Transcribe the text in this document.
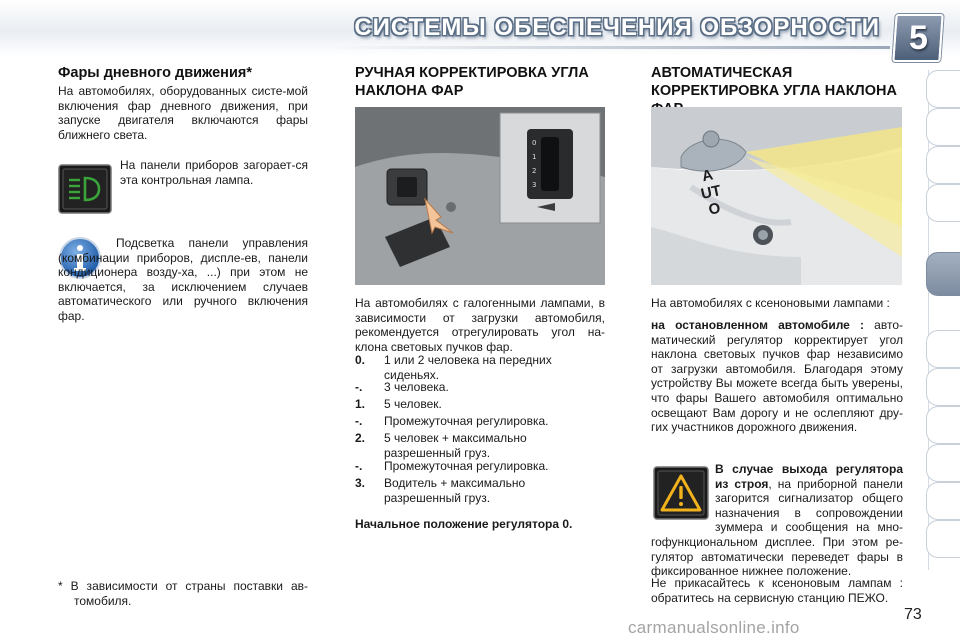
СИСТЕМЫ ОБЕСПЕЧЕНИЯ ОБЗОРНОСТИ 5
Фары дневного движения*

На автомобилях, оборудованных систе-мой включения фар дневного движения, при запуске двигателя включаются фары ближнего света.

На панели приборов загорает-ся эта контрольная лампа.

Подсветка панели управления (комбинации приборов, диспле-ев, панели кондиционера возду-ха, ...) при этом не включается, за исключением случаев автоматического или ручного включения фар.

* В зависимости от страны поставки ав-томобиля.

РУЧНАЯ КОРРЕКТИРОВКА УГЛА НАКЛОНА ФАР
0
1
2
3

На автомобилях с галогенными лампами, в зависимости от загрузки автомобиля, рекомендуется отрегулировать угол на-клона световых пучков фар.

0. 1 или 2 человека на передних сиденьях.
-. 3 человека.
1. 5 человек.
-. Промежуточная регулировка.
2. 5 человек + максимально разрешенный груз.
-. Промежуточная регулировка.
3. Водитель + максимально разрешенный груз.

Начальное положение регулятора 0.

АВТОМАТИЧЕСКАЯ КОРРЕКТИРОВКА УГЛА НАКЛОНА
AUTO

На автомобилях с ксеноновыми лампами :

на остановленном автомобиле : авто-матический регулятор корректирует угол наклона световых пучков фар независимо от загрузки автомобиля. Благодаря этому устройству Вы можете всегда быть уверены, что фары Вашего автомобиля оптимально освещают Вам дорогу и не ослепляют дру-гих участников дорожного движения.

В случае выхода регулятора из строя, на приборной панели загорится сигнализатор общего назначения в сопровождении зуммера и сообщения на мно-гофункциональном дисплее. При этом ре-гулятор автоматически переведет фары в фиксированное нижнее положение.

Не прикасайтесь к ксеноновым лампам : обратитесь на сервисную станцию ПЕЖО.

73
carmanualsonline.info
